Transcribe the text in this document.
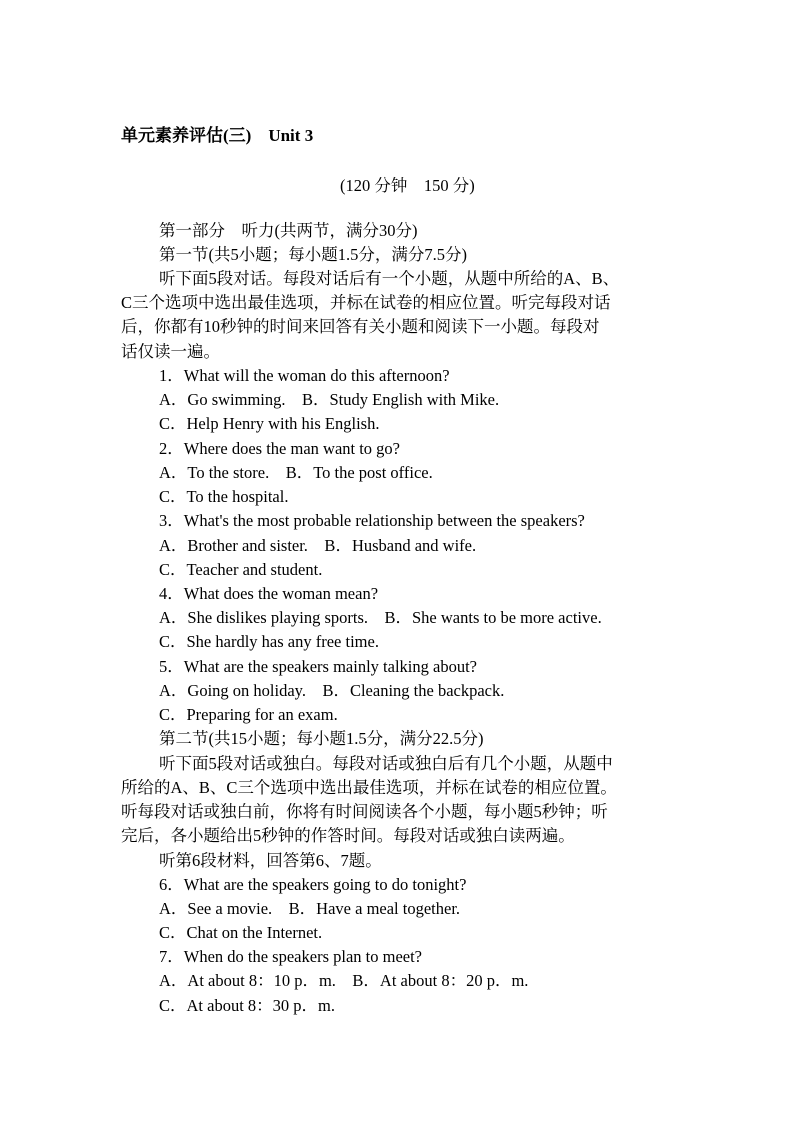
单元素养评估(三)　Unit 3
(120 分钟　150 分)
第一部分　听力(共两节，满分30分)
第一节(共5小题；每小题1.5分，满分7.5分)
听下面5段对话。每段对话后有一个小题，从题中所给的A、B、
C三个选项中选出最佳选项，并标在试卷的相应位置。听完每段对话
后，你都有10秒钟的时间来回答有关小题和阅读下一小题。每段对
话仅读一遍。
1．What will the woman do this afternoon?
A．Go swimming.　B．Study English with Mike.
C．Help Henry with his English.
2．Where does the man want to go?
A．To the store.　B．To the post office.
C．To the hospital.
3．What's the most probable relationship between the speakers?
A．Brother and sister.　B．Husband and wife.
C．Teacher and student.
4．What does the woman mean?
A．She dislikes playing sports.　B．She wants to be more active.
C．She hardly has any free time.
5．What are the speakers mainly talking about?
A．Going on holiday.　B．Cleaning the backpack.
C．Preparing for an exam.
第二节(共15小题；每小题1.5分，满分22.5分)
听下面5段对话或独白。每段对话或独白后有几个小题，从题中
所给的A、B、C三个选项中选出最佳选项，并标在试卷的相应位置。
听每段对话或独白前，你将有时间阅读各个小题，每小题5秒钟；听
完后，各小题给出5秒钟的作答时间。每段对话或独白读两遍。
听第6段材料，回答第6、7题。
6．What are the speakers going to do tonight?
A．See a movie.　B．Have a meal together.
C．Chat on the Internet.
7．When do the speakers plan to meet?
A．At about 8：10 p．m.　B．At about 8：20 p．m.
C．At about 8：30 p．m.
